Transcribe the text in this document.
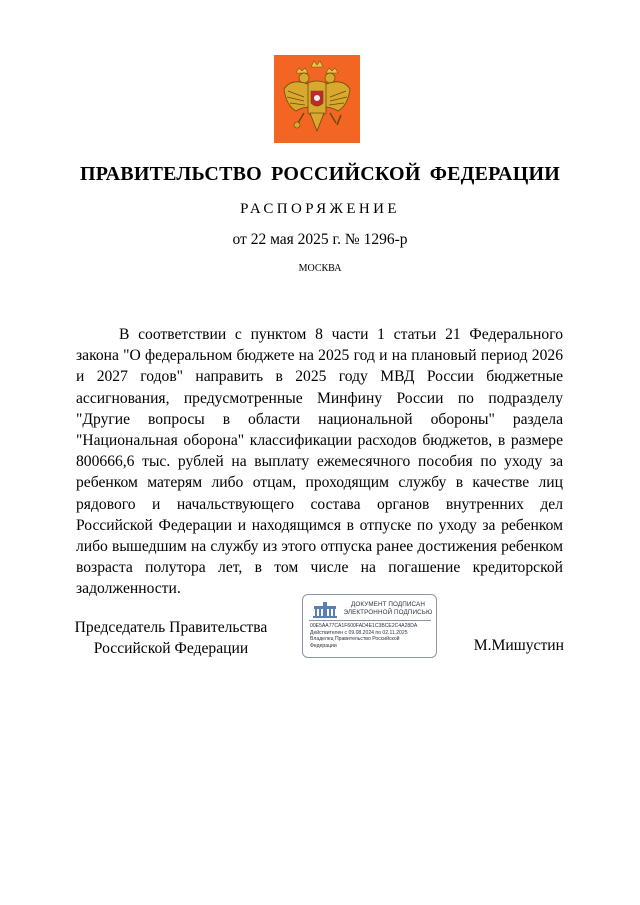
ПРАВИТЕЛЬСТВО РОССИЙСКОЙ ФЕДЕРАЦИИ
РАСПОРЯЖЕНИЕ
от 22 мая 2025 г. № 1296-р
МОСКВА
В соответствии с пунктом 8 части 1 статьи 21 Федерального закона "О федеральном бюджете на 2025 год и на плановый период 2026 и 2027 годов" направить в 2025 году МВД России бюджетные ассигнования, предусмотренные Минфину России по подразделу "Другие вопросы в области национальной обороны" раздела "Национальная оборона" классификации расходов бюджетов, в размере 800666,6 тыс. рублей на выплату ежемесячного пособия по уходу за ребенком матерям либо отцам, проходящим службу в качестве лиц рядового и начальствующего состава органов внутренних дел Российской Федерации и находящимся в отпуске по уходу за ребенком либо вышедшим на службу из этого отпуска ранее достижения ребенком возраста полутора лет, в том числе на погашение кредиторской задолженности.
Председатель Правительства
Российской Федерации
ДОКУМЕНТ ПОДПИСАН
ЭЛЕКТРОННОЙ ПОДПИСЬЮ
00E5AA77CA1F600FAD4E1C3BCE2C4A28DA
Действителен с 09.08.2024 по 02.11.2025
Владелец Правительство Российской
Федерации	М.Мишустин
